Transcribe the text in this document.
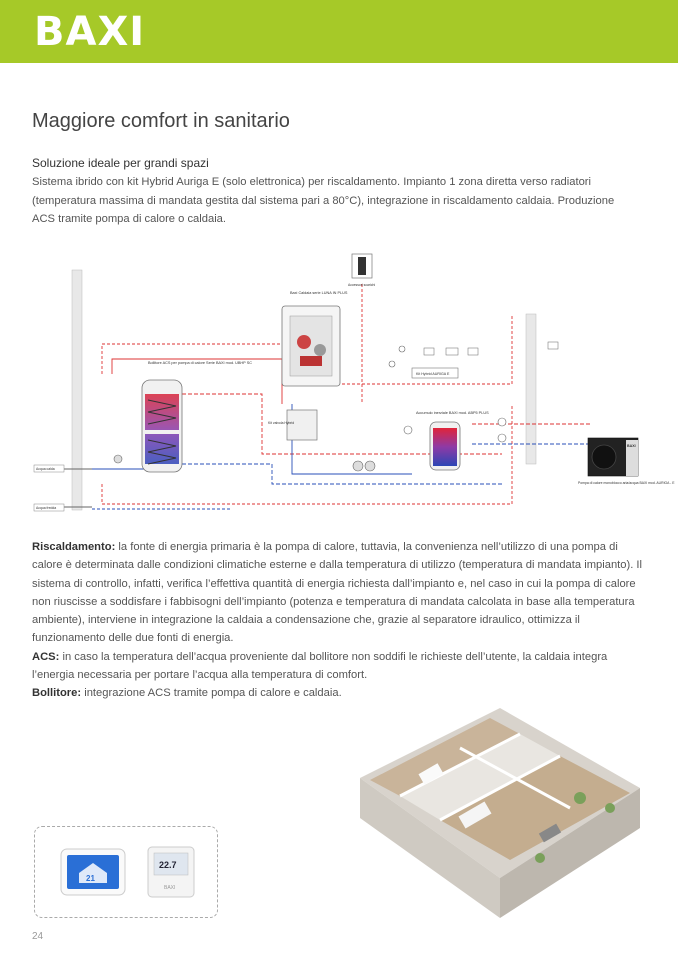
BAXI
Maggiore comfort in sanitario
Soluzione ideale per grandi spazi
Sistema ibrido con kit Hybrid Auriga E (solo elettronica) per riscaldamento. Impianto 1 zona diretta verso radiatori (temperatura massima di mandata gestita dal sistema pari a 80°C), integrazione in riscaldamento caldaia. Produzione ACS tramite pompa di calore o caldaia.
Bollitore ACS per pompa di calore Serie BAXI mod. UBHP SC
Baxi Caldaia serie LUNA IN PLUS
Accessori scarichi
Kit valvola Hybrid
Kit Hybrid AURIGA E
Accumulo inerziale BAXI mod. ABP5 PLUS
BAXI
Pompa di calore monoblocco aria/acqua BAXI mod. AURIGA - E
Acqua calda
Acqua fredda

Riscaldamento: la fonte di energia primaria è la pompa di calore, tuttavia, la convenienza nell’utilizzo di una pompa di calore è determinata dalle condizioni climatiche esterne e dalla temperatura di utilizzo (temperatura di mandata impianto). Il sistema di controllo, infatti, verifica l’effettiva quantità di energia richiesta dall’impianto e, nel caso in cui la pompa di calore non riuscisse a soddisfare i fabbisogni dell’impianto (potenza e temperatura di mandata calcolata in base alla temperatura ambiente), interviene in integrazione la caldaia a condensazione che, grazie al separatore idraulico, ottimizza il funzionamento delle due fonti di energia.

ACS: in caso la temperatura dell’acqua proveniente dal bollitore non soddifi le richieste dell’utente, la caldaia integra l’energia necessaria per portare l’acqua alla temperatura di comfort.

Bollitore: integrazione ACS tramite pompa di calore e caldaia.

21
22.7
BAXI
24
